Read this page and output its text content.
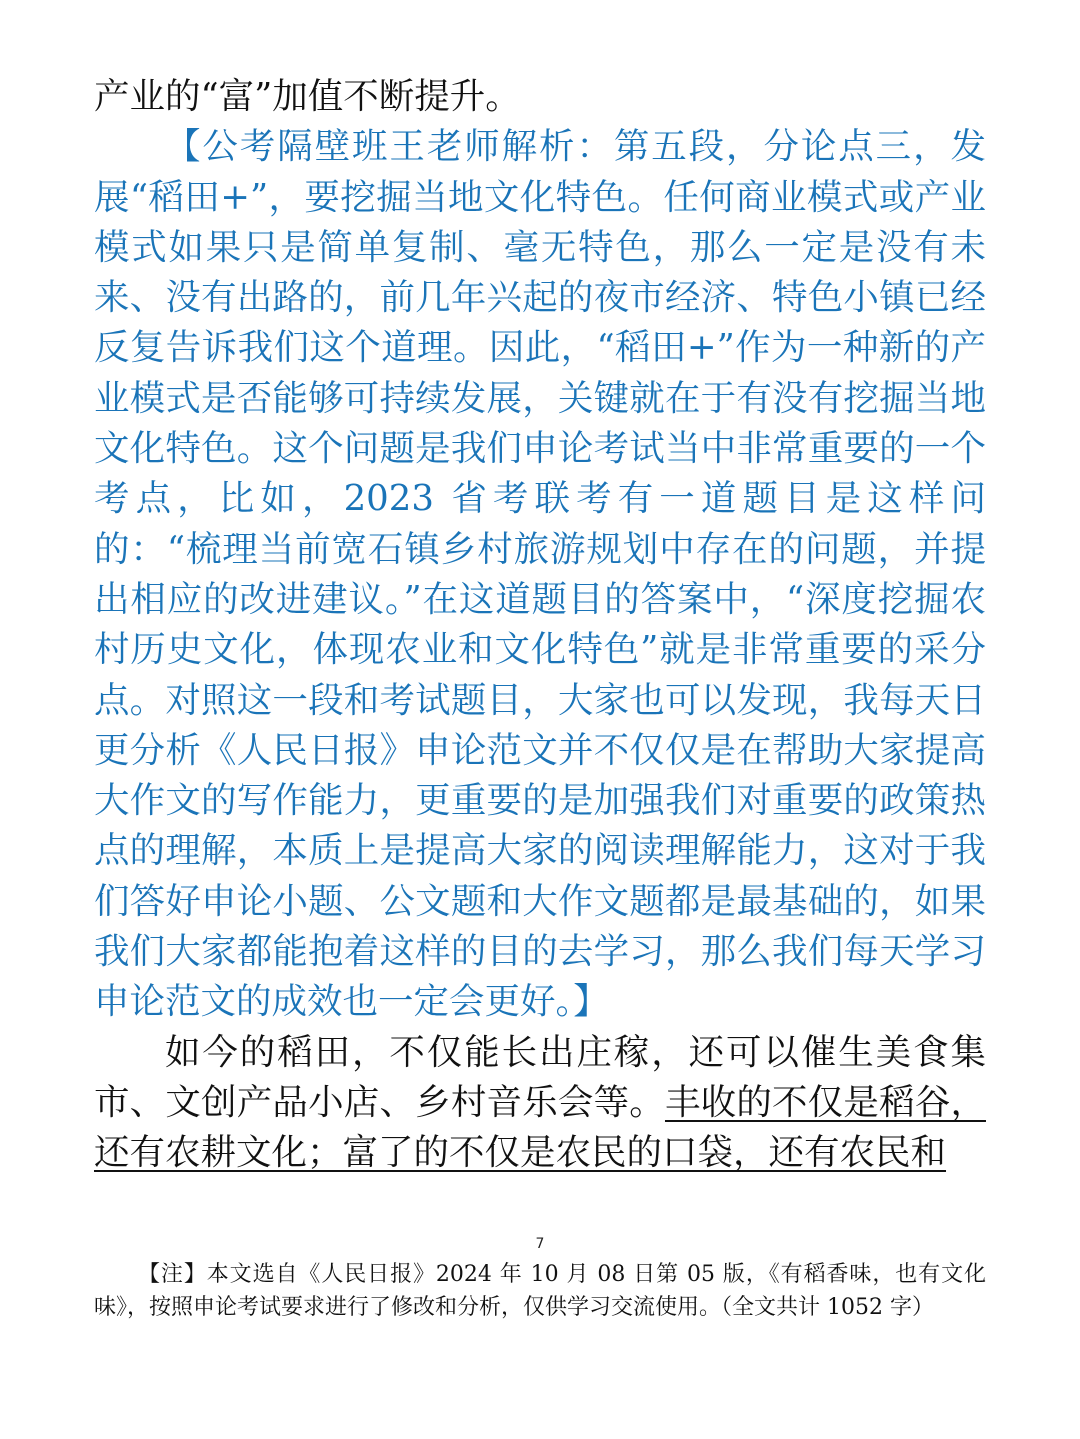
产业的“富”加值不断提升。

【公考隔壁班王老师解析：第五段，分论点三，发展“稻田+”，要挖掘当地文化特色。任何商业模式或产业模式如果只是简单复制、毫无特色，那么一定是没有未来、没有出路的，前几年兴起的夜市经济、特色小镇已经反复告诉我们这个道理。因此，“稻田+”作为一种新的产业模式是否能够可持续发展，关键就在于有没有挖掘当地文化特色。这个问题是我们申论考试当中非常重要的一个考点，比如，2023 省考联考有一道题目是这样问的：“梳理当前宽石镇乡村旅游规划中存在的问题，并提出相应的改进建议。”在这道题目的答案中，“深度挖掘农村历史文化，体现农业和文化特色”就是非常重要的采分点。对照这一段和考试题目，大家也可以发现，我每天日更分析《人民日报》申论范文并不仅仅是在帮助大家提高大作文的写作能力，更重要的是加强我们对重要的政策热点的理解，本质上是提高大家的阅读理解能力，这对于我们答好申论小题、公文题和大作文题都是最基础的，如果我们大家都能抱着这样的目的去学习，那么我们每天学习申论范文的成效也一定会更好。】

如今的稻田，不仅能长出庄稼，还可以催生美食集市、文创产品小店、乡村音乐会等。丰收的不仅是稻谷，还有农耕文化；富了的不仅是农民的口袋，还有农民和

7
【注】本文选自《人民日报》2024 年 10 月 08 日第 05 版，《有稻香味，也有文化味》，按照申论考试要求进行了修改和分析，仅供学习交流使用。（全文共计 1052 字）
